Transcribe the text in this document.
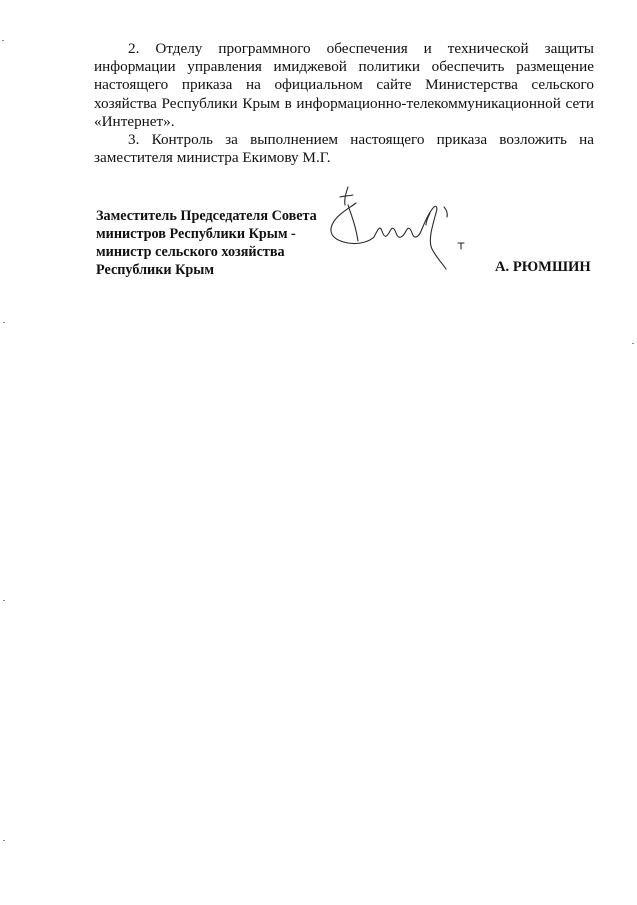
2. Отделу программного обеспечения и технической защиты
информации управления имиджевой политики обеспечить размещение
настоящего приказа на официальном сайте Министерства сельского
хозяйства Республики Крым в информационно-телекоммуникационной сети
«Интернет».

3. Контроль за выполнением настоящего приказа возложить на
заместителя министра Екимову М.Г.

Заместитель Председателя Совета
министров Республики Крым -
министр сельского хозяйства
Республики Крым	А. РЮМШИН
